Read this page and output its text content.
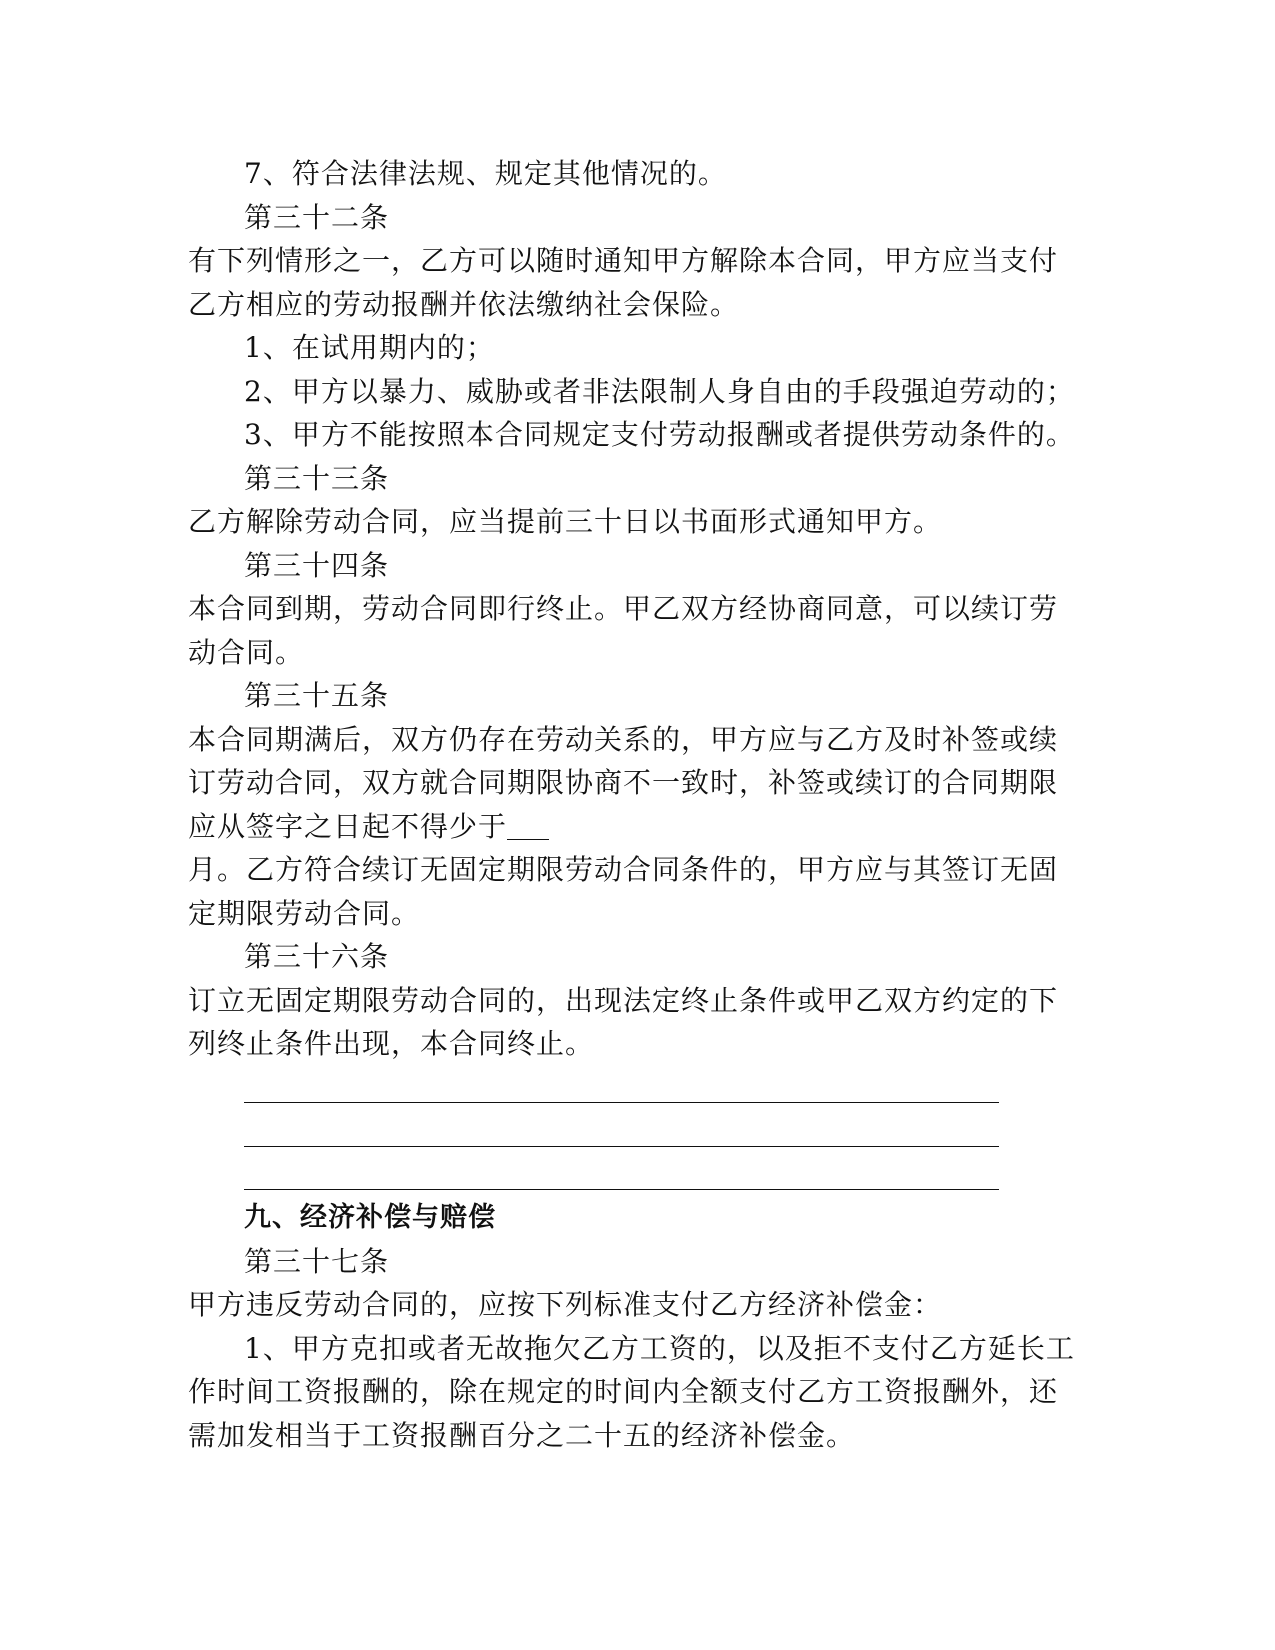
7、符合法律法规、规定其他情况的。
第三十二条
有下列情形之一，乙方可以随时通知甲方解除本合同，甲方应当支付
乙方相应的劳动报酬并依法缴纳社会保险。
1、在试用期内的；
2、甲方以暴力、威胁或者非法限制人身自由的手段强迫劳动的；
3、甲方不能按照本合同规定支付劳动报酬或者提供劳动条件的。
第三十三条
乙方解除劳动合同，应当提前三十日以书面形式通知甲方。
第三十四条
本合同到期，劳动合同即行终止。甲乙双方经协商同意，可以续订劳
动合同。
第三十五条
本合同期满后，双方仍存在劳动关系的，甲方应与乙方及时补签或续
订劳动合同，双方就合同期限协商不一致时，补签或续订的合同期限
应从签字之日起不得少于
月。乙方符合续订无固定期限劳动合同条件的，甲方应与其签订无固
定期限劳动合同。
第三十六条
订立无固定期限劳动合同的，出现法定终止条件或甲乙双方约定的下
列终止条件出现，本合同终止。
九、经济补偿与赔偿
第三十七条
甲方违反劳动合同的，应按下列标准支付乙方经济补偿金：
1、甲方克扣或者无故拖欠乙方工资的，以及拒不支付乙方延长工
作时间工资报酬的，除在规定的时间内全额支付乙方工资报酬外，还
需加发相当于工资报酬百分之二十五的经济补偿金。
